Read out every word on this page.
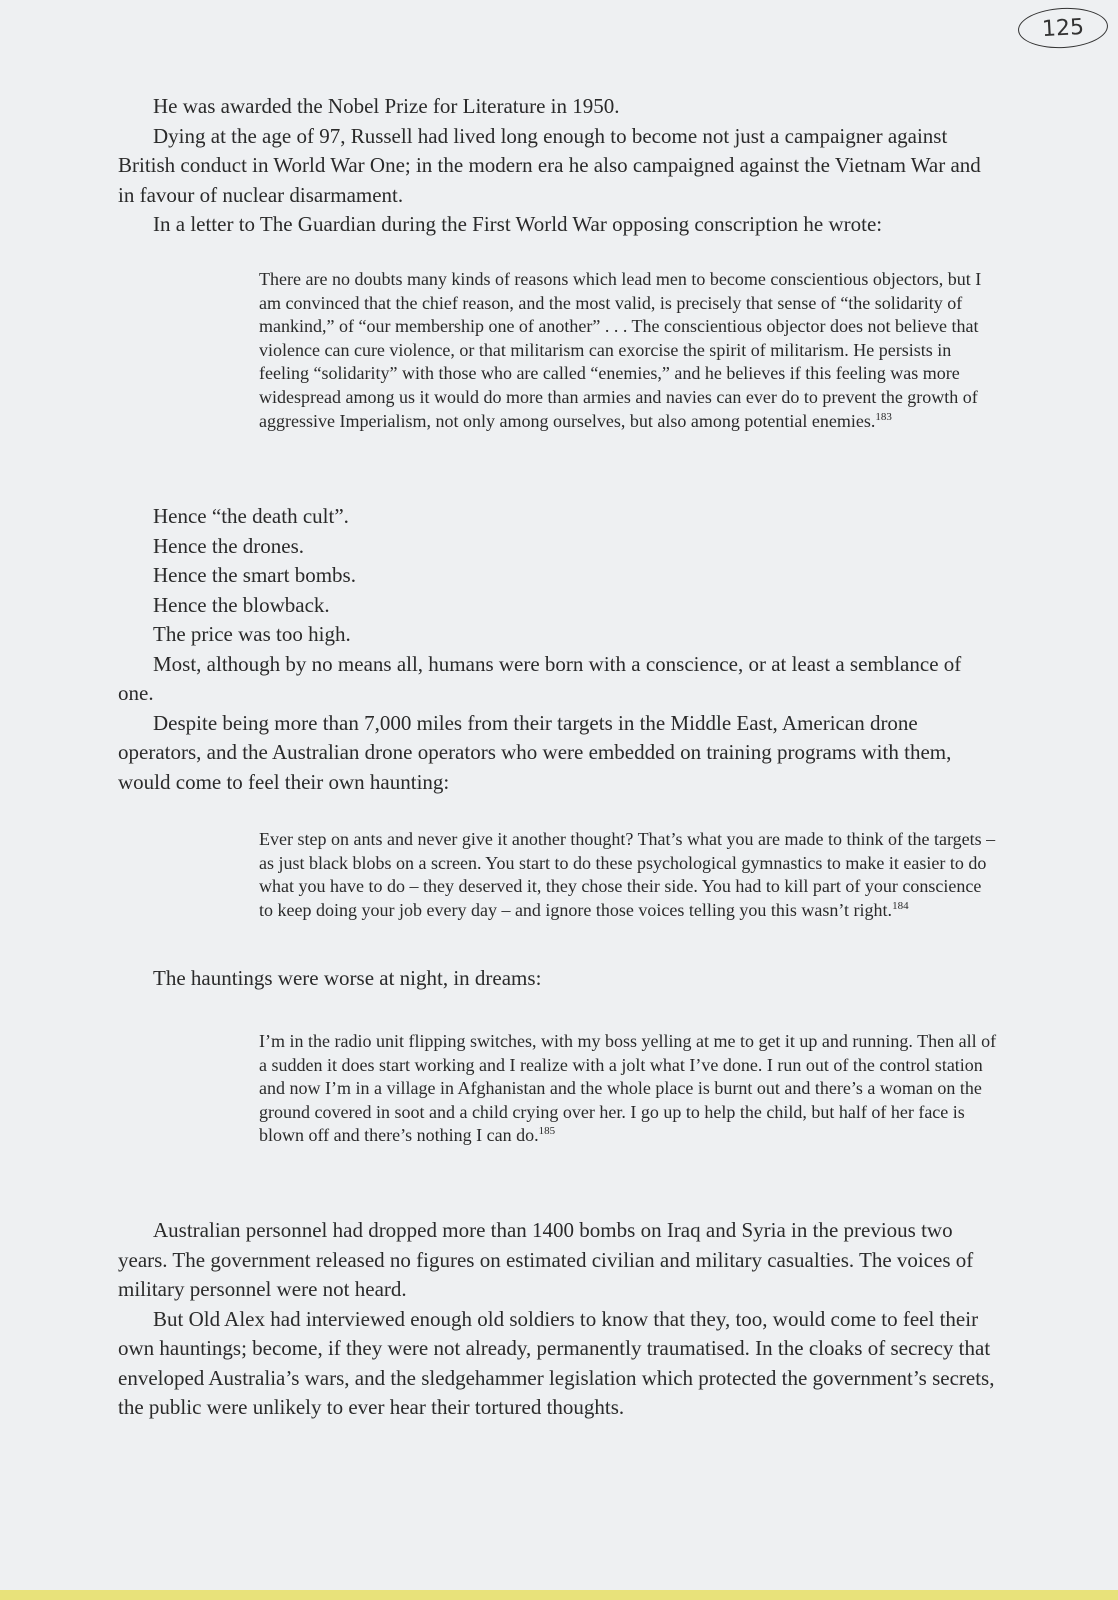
125

He was awarded the Nobel Prize for Literature in 1950.

Dying at the age of 97, Russell had lived long enough to become not just a campaigner against British conduct in World War One; in the modern era he also campaigned against the Vietnam War and in favour of nuclear disarmament.

In a letter to The Guardian during the First World War opposing conscription he wrote:

There are no doubts many kinds of reasons which lead men to become conscientious objectors, but I am convinced that the chief reason, and the most valid, is precisely that sense of “the solidarity of mankind,” of “our membership one of another” . . . The conscientious objector does not believe that violence can cure violence, or that militarism can exorcise the spirit of militarism. He persists in feeling “solidarity” with those who are called “enemies,” and he believes if this feeling was more widespread among us it would do more than armies and navies can ever do to prevent the growth of aggressive Imperialism, not only among ourselves, but also among potential enemies.$^{183}$

Hence “the death cult”.

Hence the drones.

Hence the smart bombs.

Hence the blowback.

The price was too high.

Most, although by no means all, humans were born with a conscience, or at least a semblance of one.

Despite being more than 7,000 miles from their targets in the Middle East, American drone operators, and the Australian drone operators who were embedded on training programs with them, would come to feel their own haunting:

Ever step on ants and never give it another thought? That’s what you are made to think of the targets – as just black blobs on a screen. You start to do these psychological gymnastics to make it easier to do what you have to do – they deserved it, they chose their side. You had to kill part of your conscience to keep doing your job every day – and ignore those voices telling you this wasn’t right.$^{184}$

The hauntings were worse at night, in dreams:

I’m in the radio unit flipping switches, with my boss yelling at me to get it up and running. Then all of a sudden it does start working and I realize with a jolt what I’ve done. I run out of the control station and now I’m in a village in Afghanistan and the whole place is burnt out and there’s a woman on the ground covered in soot and a child crying over her. I go up to help the child, but half of her face is blown off and there’s nothing I can do.$^{185}$

Australian personnel had dropped more than 1400 bombs on Iraq and Syria in the previous two years. The government released no figures on estimated civilian and military casualties. The voices of military personnel were not heard.

But Old Alex had interviewed enough old soldiers to know that they, too, would come to feel their own hauntings; become, if they were not already, permanently traumatised. In the cloaks of secrecy that enveloped Australia’s wars, and the sledgehammer legislation which protected the government’s secrets, the public were unlikely to ever hear their tortured thoughts.
